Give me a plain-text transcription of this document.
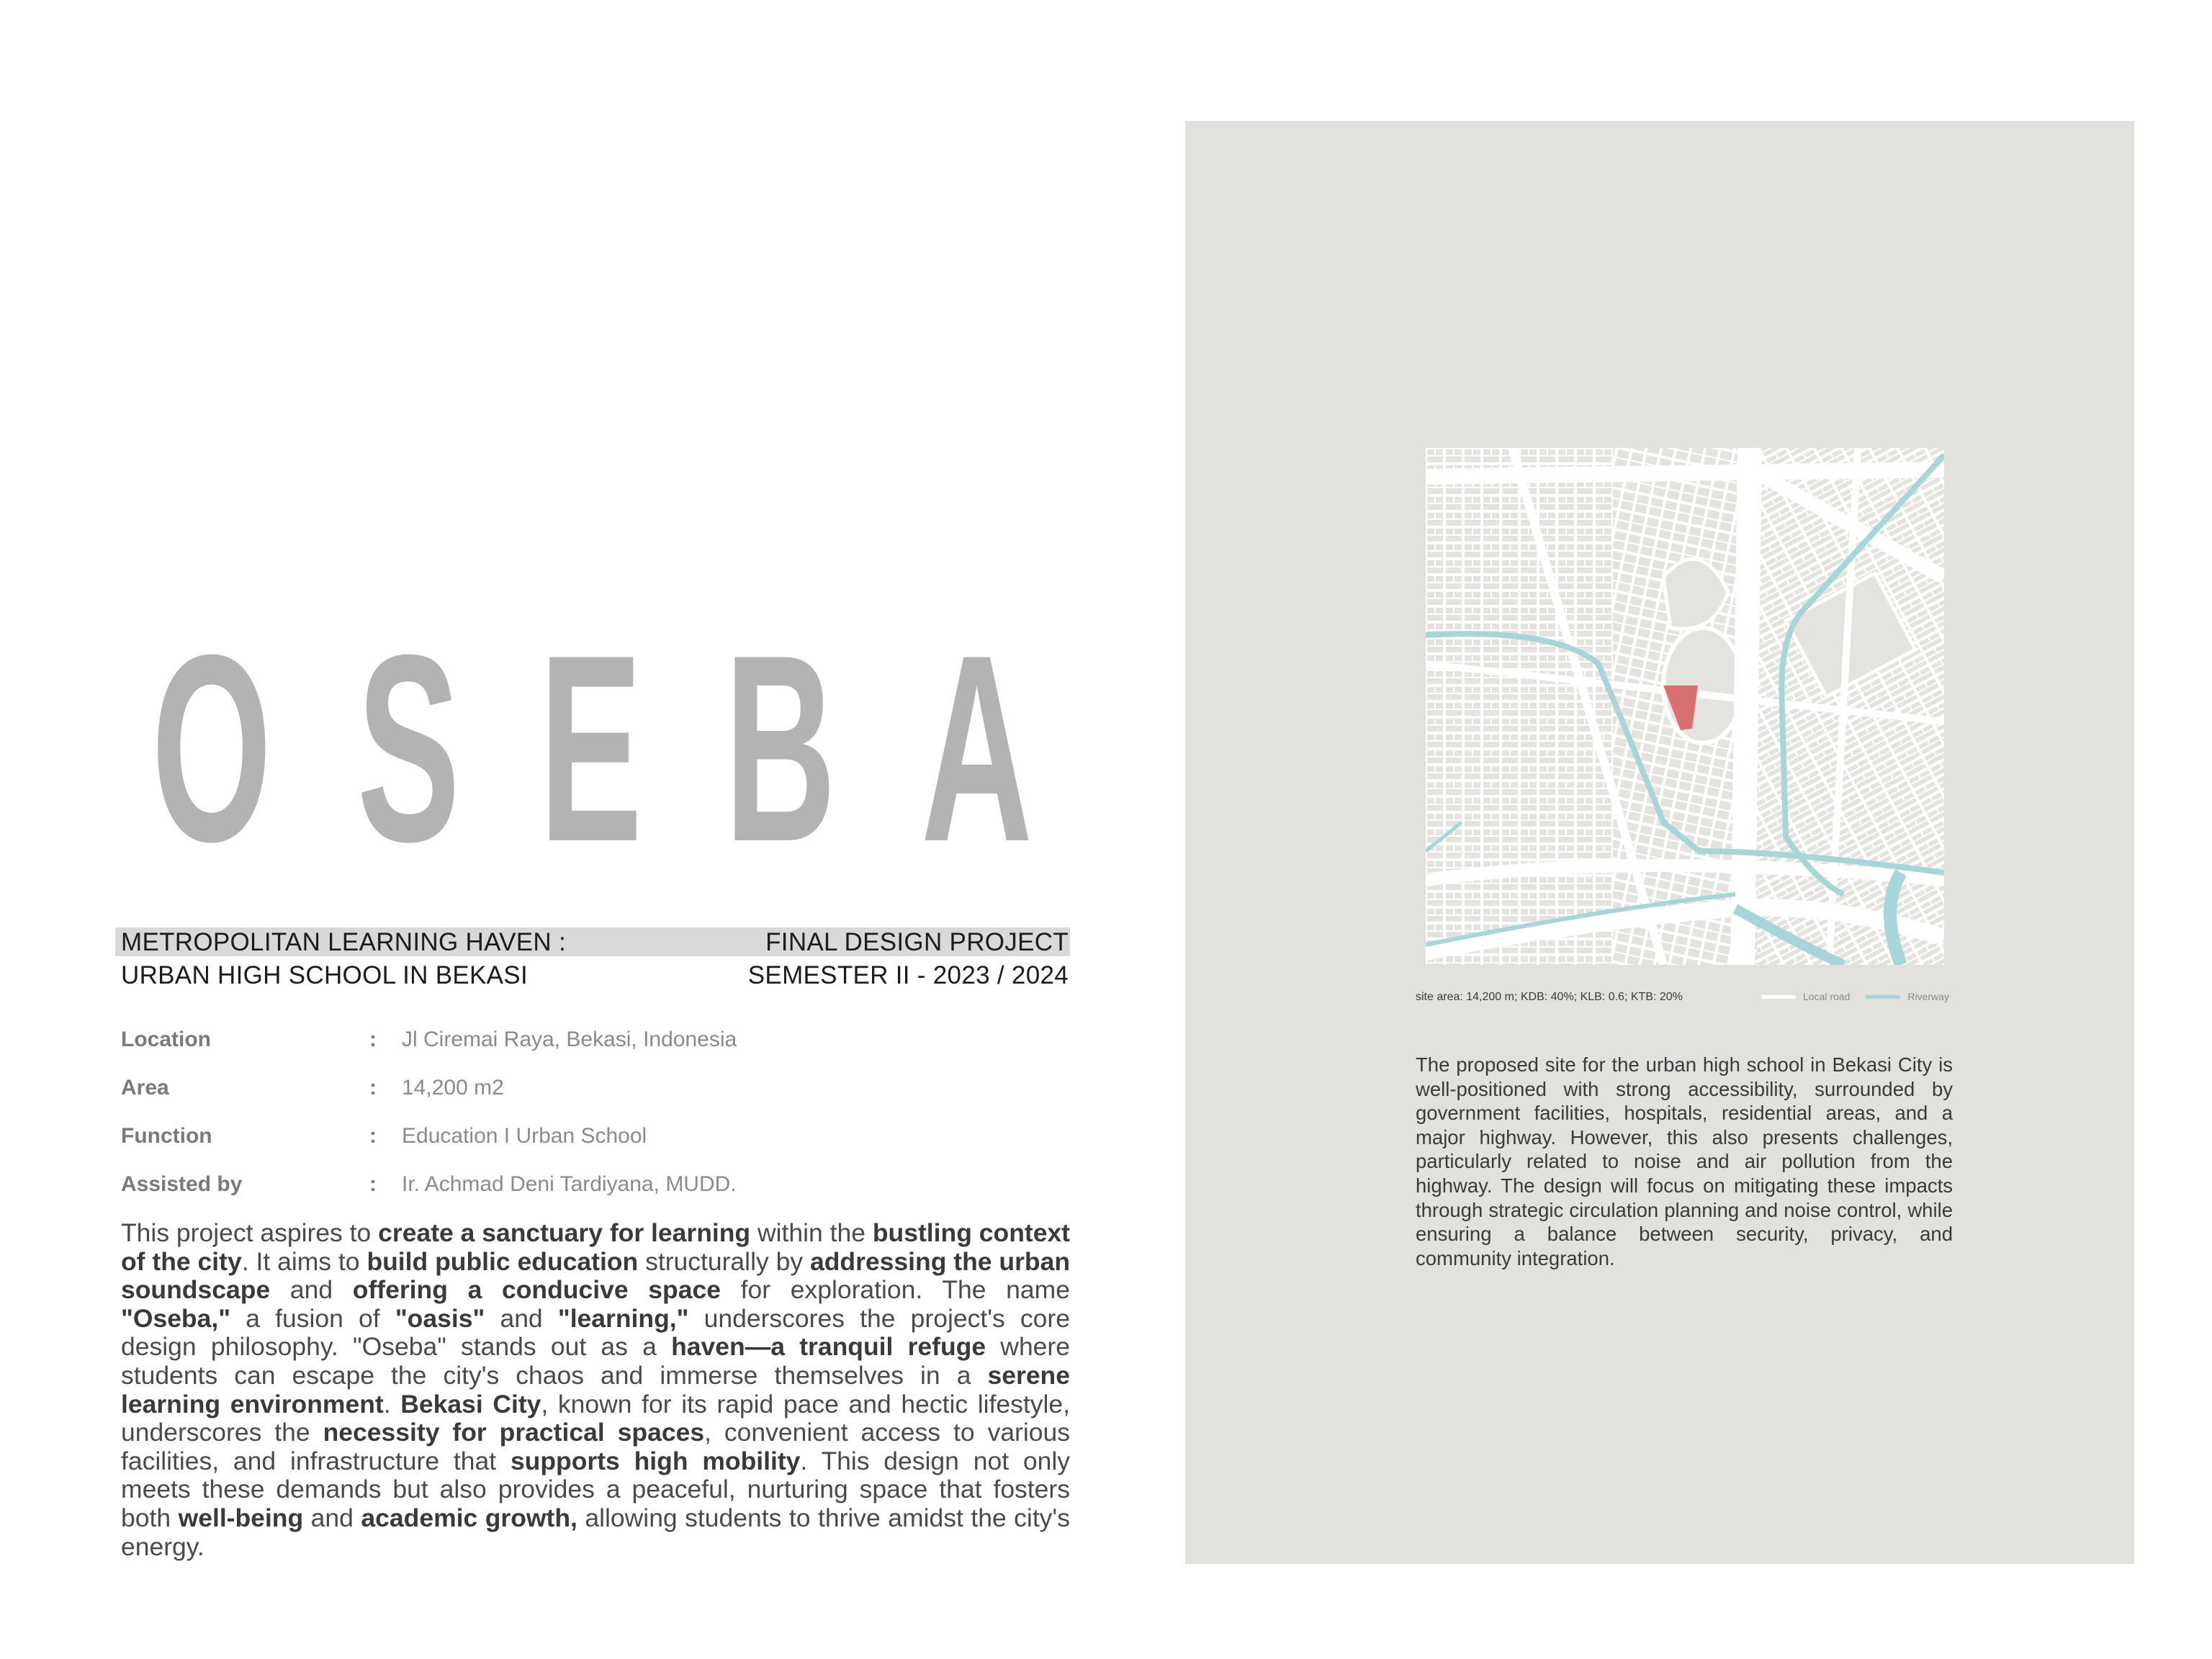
O S E B A
METROPOLITAN LEARNING HAVEN :	FINAL DESIGN PROJECT
URBAN HIGH SCHOOL IN BEKASI	SEMESTER II - 2023 / 2024
Location	:	Jl Ciremai Raya, Bekasi, Indonesia
Area	:	14,200 m2
Function	:	Education I Urban School
Assisted by	:	Ir. Achmad Deni Tardiyana, MUDD.
This project aspires to create a sanctuary for learning within the bustling context of the city. It aims to build public education structurally by addressing the urban soundscape and offering a conducive space for exploration. The name "Oseba," a fusion of "oasis" and "learning," underscores the project's core design philosophy. "Oseba" stands out as a haven—a tranquil refuge where students can escape the city's chaos and immerse themselves in a serene learning environment. Bekasi City, known for its rapid pace and hectic lifestyle, underscores the necessity for practical spaces, convenient access to various facilities, and infrastructure that supports high mobility. This design not only meets these demands but also provides a peaceful, nurturing space that fosters both well-being and academic growth, allowing students to thrive amidst the city's energy.
site area: 14,200 m; KDB: 40%; KLB: 0.6; KTB: 20%	Local road	Riverway
The proposed site for the urban high school in Bekasi City is well-positioned with strong accessibility, surrounded by government facilities, hospitals, residential areas, and a major highway. However, this also presents challenges, particularly related to noise and air pollution from the highway. The design will focus on mitigating these impacts through strategic circulation planning and noise control, while ensuring a balance between security, privacy, and community integration.
